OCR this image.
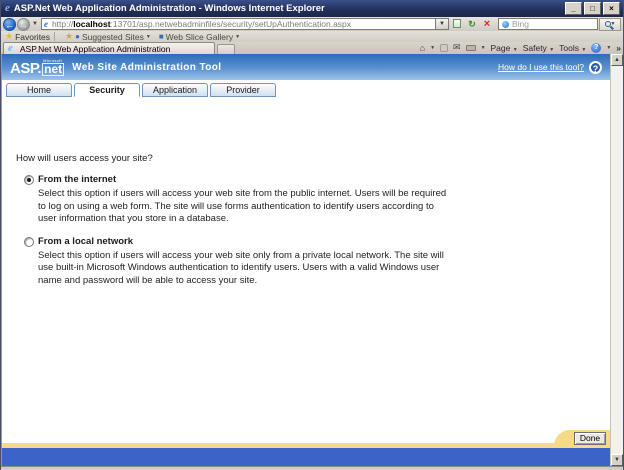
e ASP.Net Web Application Administration - Windows Internet Explorer	_	□	×
← → ▼ e http:// localhost :13701/asp.netwebadminfiles/security/setUpAuthentication.aspx	▼	↻ ×	Bing	▼
★ Favorites ★ ● Suggested Sites ▼ ■ Web Slice Gallery ▼
e ASP.Net Web Application Administration	⌂ ▼ ✉	▼ Page ▼ Safety ▼ Tools ▼	?	▼ »
ASP. Microsoft
net Web Site Administration Tool	How do I use this tool? ?
Home	Security	Application	Provider
How will users access your site?
From the internet
Select this option if users will access your web site from the public internet. Users will be required to log on using a web form. The site will use forms authentication to identify users according to user information that you store in a database.
From a local network
Select this option if users will access your web site only from a private local network. The site will use built-in Microsoft Windows authentication to identify users. Users with a valid Windows user name and password will be able to access your site.
Done
▲
▼
